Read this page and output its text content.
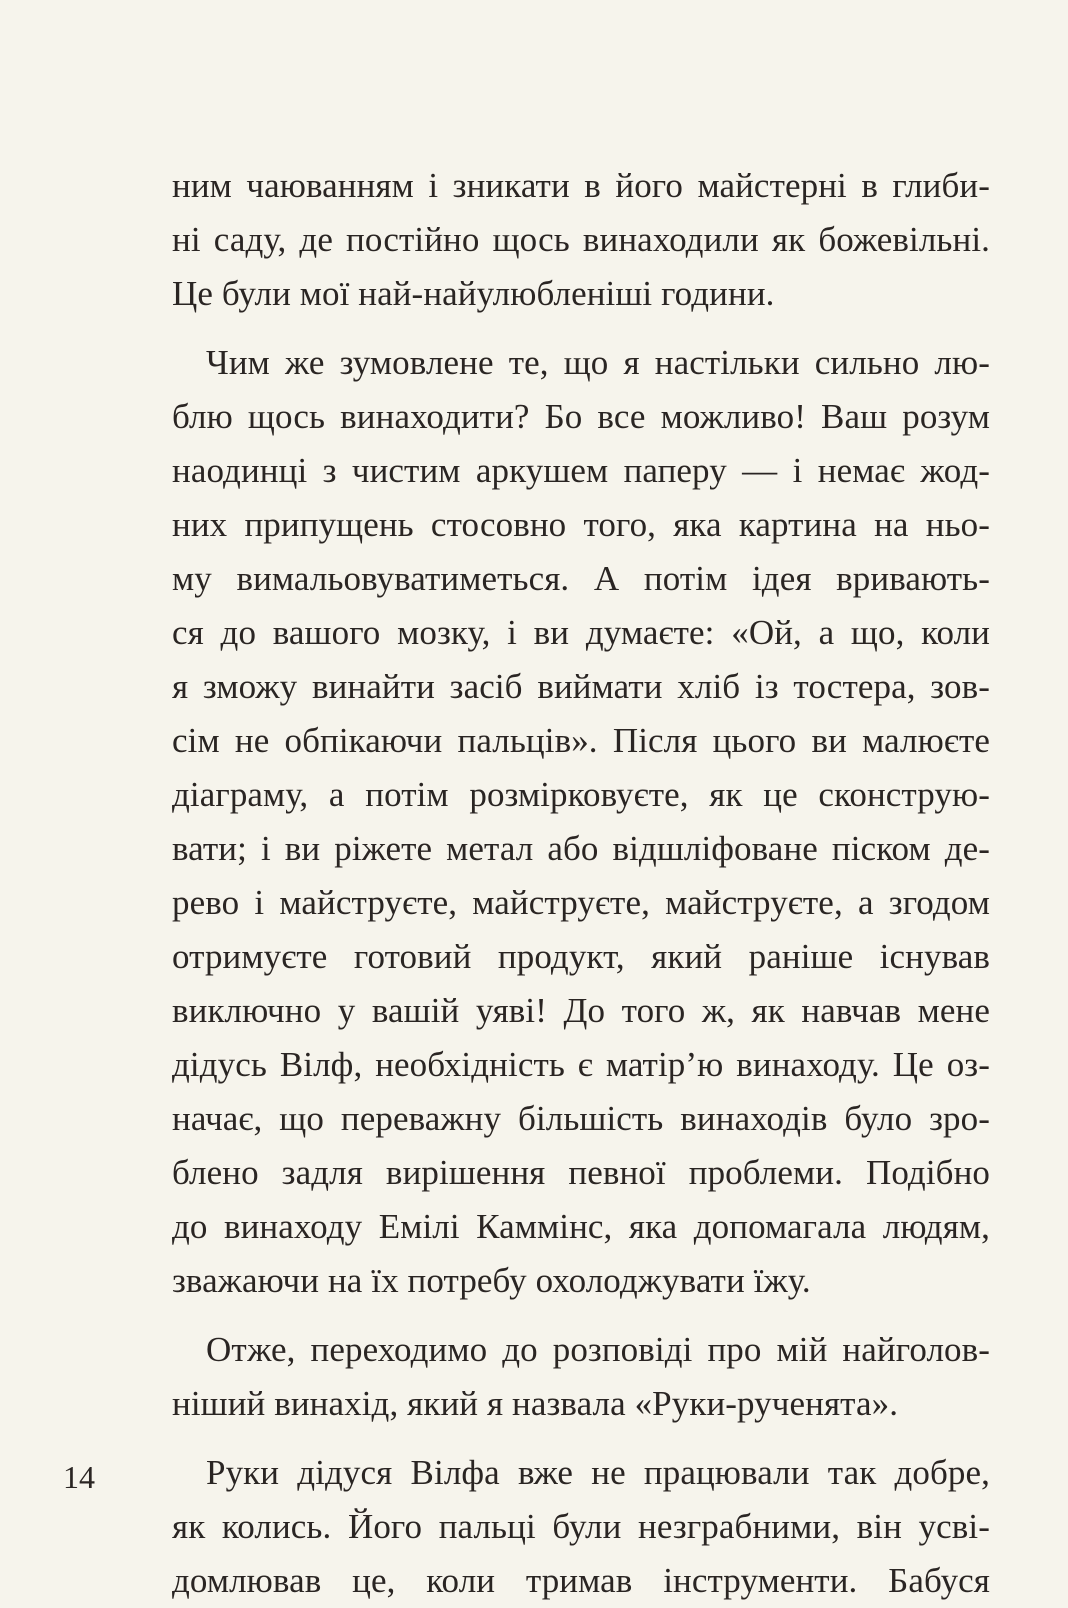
ним чаюванням і зникати в його майстерні в глиби-
ні саду, де постійно щось винаходили як божевільні.
Це були мої най-найулюбленіші години.
Чим же зумовлене те, що я настільки сильно лю-
блю щось винаходити? Бо все можливо! Ваш розум
наодинці з чистим аркушем паперу — і немає жод-
них припущень стосовно того, яка картина на ньо-
му вимальовуватиметься. А потім ідея вривають-
ся до вашого мозку, і ви думаєте: «Ой, а що, коли
я зможу винайти засіб виймати хліб із тостера, зов-
сім не обпікаючи пальців». Після цього ви малюєте
діаграму, а потім розмірковуєте, як це сконструю-
вати; і ви ріжете метал або відшліфоване піском де-
рево і майструєте, майструєте, майструєте, а згодом
отримуєте готовий продукт, який раніше існував
виключно у вашій уяві! До того ж, як навчав мене
дідусь Вілф, необхідність є матір’ю винаходу. Це оз-
начає, що переважну більшість винаходів було зро-
блено задля вирішення певної проблеми. Подібно
до винаходу Емілі Каммінс, яка допомагала людям,
зважаючи на їх потребу охолоджувати їжу.
Отже, переходимо до розповіді про мій найголов-
ніший винахід, який я назвала «Руки-рученята».
Руки дідуся Вілфа вже не працювали так добре,
як колись. Його пальці були незграбними, він усві-
домлював це, коли тримав інструменти. Бабуся
14
